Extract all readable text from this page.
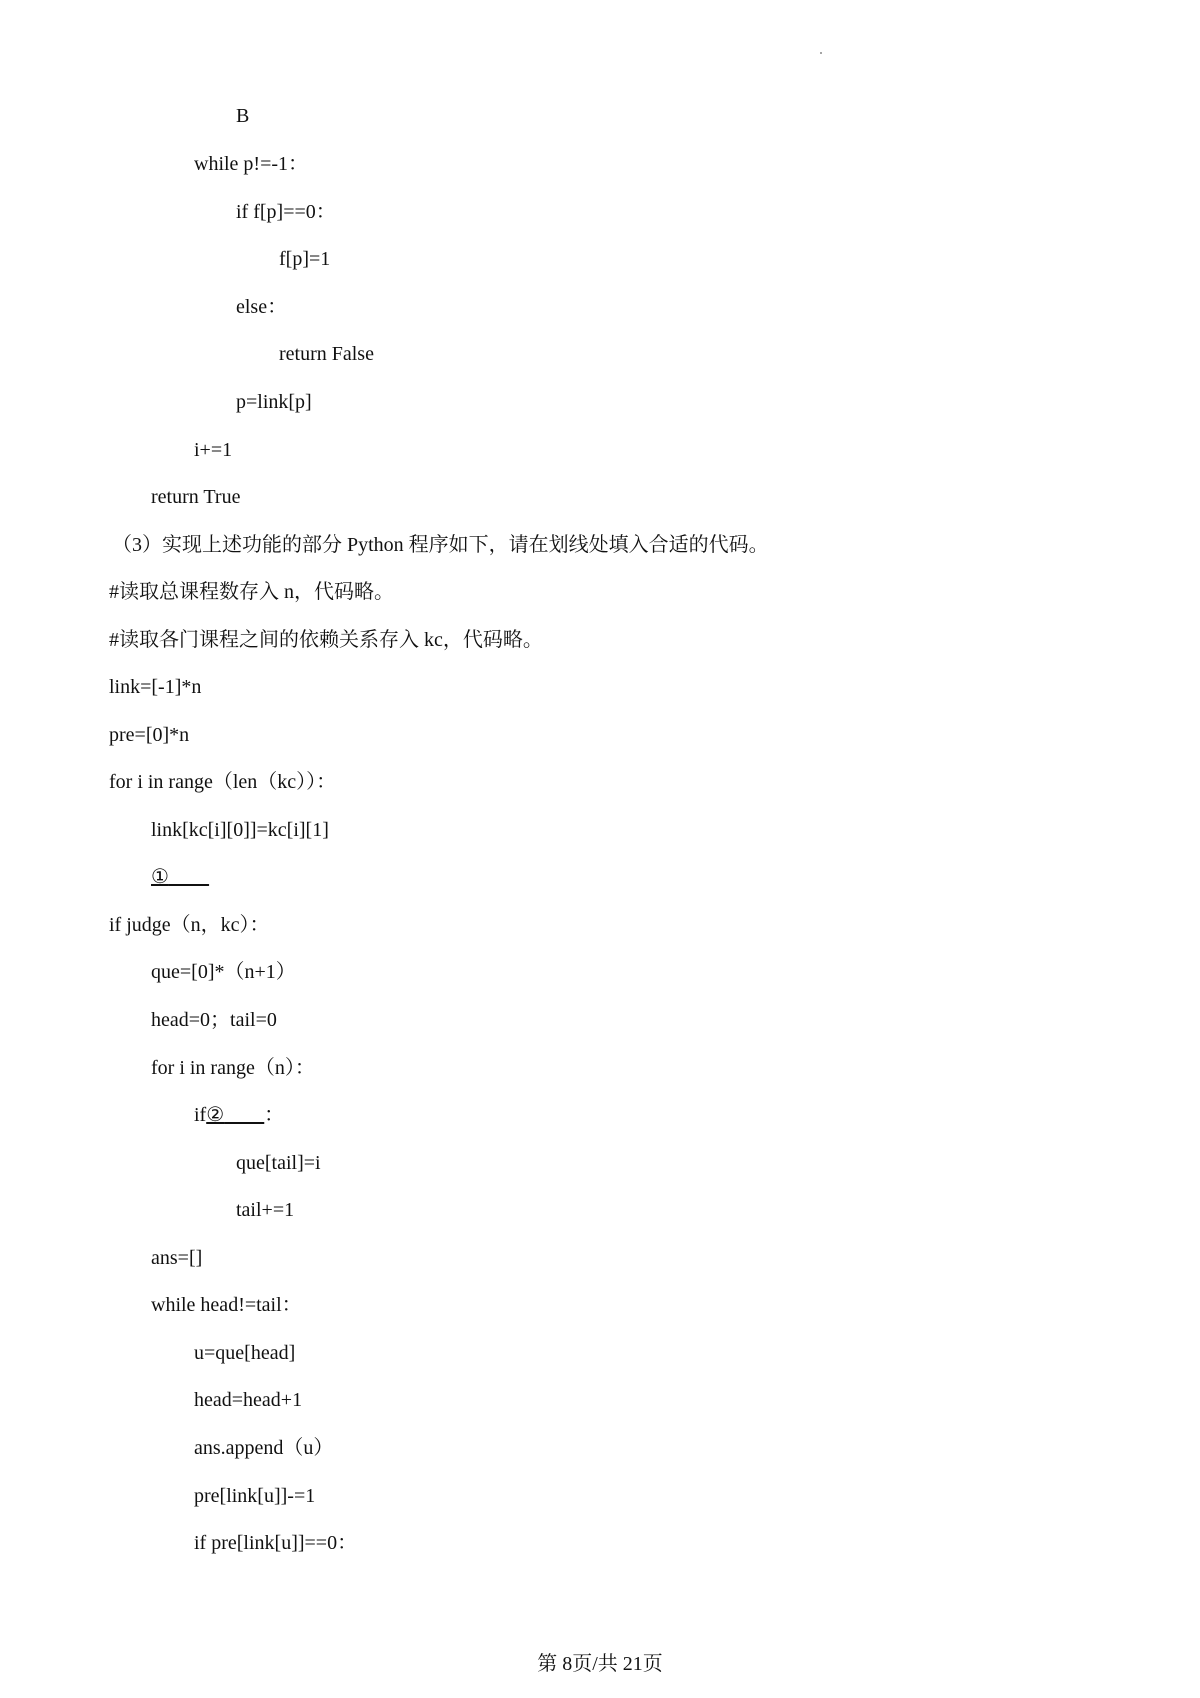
B
while p!=-1：
if f[p]==0：
f[p]=1
else：
return False
p=link[p]
i+=1
return True
（3）实现上述功能的部分 Python 程序如下，请在划线处填入合适的代码。
#读取总课程数存入 n，代码略。
#读取各门课程之间的依赖关系存入 kc，代码略。
link=[-1]*n
pre=[0]*n
for i in range（len（kc））：
link[kc[i][0]]=kc[i][1]
①____
if judge（n，kc）：
que=[0]*（n+1）
head=0；tail=0
for i in range（n）：
if②____：
que[tail]=i
tail+=1
ans=[]
while head!=tail：
u=que[head]
head=head+1
ans.append（u）
pre[link[u]]-=1
if pre[link[u]]==0：
第 8页/共 21页
